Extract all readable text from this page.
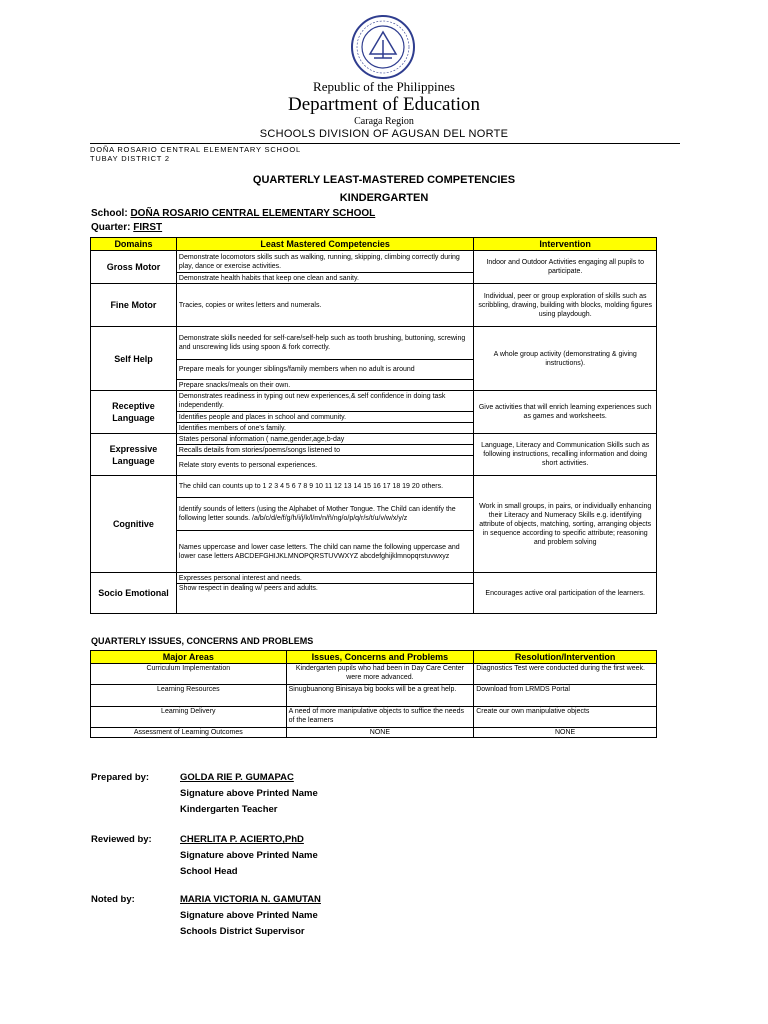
Republic of the Philippines
Department of Education
Caraga Region
SCHOOLS DIVISION OF AGUSAN DEL NORTE
DOÑA ROSARIO CENTRAL ELEMENTARY SCHOOL
TUBAY DISTRICT 2
QUARTERLY LEAST-MASTERED COMPETENCIES
KINDERGARTEN
School: DOÑA ROSARIO CENTRAL ELEMENTARY SCHOOL
Quarter: FIRST
Domains	Least Mastered Competencies	Intervention
Gross Motor	Demonstrate locomotors skills such as walking, running, skipping, climbing correctly during play, dance or exercise activities.	Indoor and Outdoor Activities engaging all pupils to participate.
	Demonstrate health habits that keep one clean and sanity.	
Fine Motor	Tracies, copies or writes letters and numerals.	Individual, peer or group exploration of skills such as scribbling, drawing, building with blocks, molding figures using playdough.
Self Help	Demonstrate skills needed for self-care/self-help such as tooth brushing, buttoning, screwing and unscrewing lids using spoon & fork correctly.	A whole group activity (demonstrating & giving instructions).
	Prepare meals for younger siblings/family members when no adult is around	
	Prepare snacks/meals on their own.	
Receptive Language	Demonstrates readiness in typing out new experiences,& self confidence in doing task independently.	Give activities that will enrich learning experiences such as games and worksheets.
	Identifies people and places in school and community.	
	Identifies members of one's family.	
Expressive Language	States personal information ( name,gender,age,b-day	Language, Literacy and Communication Skills such as following instructions, recalling information and doing short activities.
	Recalls details from stories/poems/songs listened to	
	Relate story events to personal experiences.	
Cognitive	The child can counts up to 1 2 3 4 5 6 7 8 9 10 11 12 13 14 15 16 17 18 19 20 others.	Work in small groups, in pairs, or individually enhancing their Literacy and Numeracy Skills e.g. identifying attribute of objects, matching, sorting, arranging objects in sequence according to specific attribute; reasoning and problem solving
	Identify sounds of letters (using the Alphabet of Mother Tongue. The Child can identify the following letter sounds. /a/b/c/d/e/f/g/h/i/j/k/l/m/n/ñ/ng/o/p/q/r/s/t/u/v/w/x/y/z	
	Names uppercase and lower case letters. The child can name the following uppercase and lower case letters ABCDEFGHIJKLMNOPQRSTUVWXYZ abcdefghijklmnopqrstuvwxyz	
Socio Emotional	Expresses personal interest and needs.	Encourages active oral participation of the learners.
	Show respect in dealing w/ peers and adults.	
QUARTERLY ISSUES, CONCERNS AND PROBLEMS
Major Areas	Issues, Concerns and Problems	Resolution/Intervention
Curriculum Implementation	Kindergarten pupils who had been in Day Care Center were more advanced.	Diagnostics Test were conducted during the first week.
Learning Resources	Sinugbuanong Binisaya big books will be a great help.	Download from LRMDS Portal
Learning Delivery	A need of more manipulative objects to suffice the needs of the learners	Create our own manipulative objects
Assessment of Learning Outcomes	NONE	NONE
Prepared by:	GOLDA RIE P. GUMAPAC
Signature above Printed Name
Kindergarten Teacher
Reviewed by:	CHERLITA P. ACIERTO,PhD
Signature above Printed Name
School Head
Noted by:	MARIA VICTORIA N. GAMUTAN
Signature above Printed Name
Schools District Supervisor
